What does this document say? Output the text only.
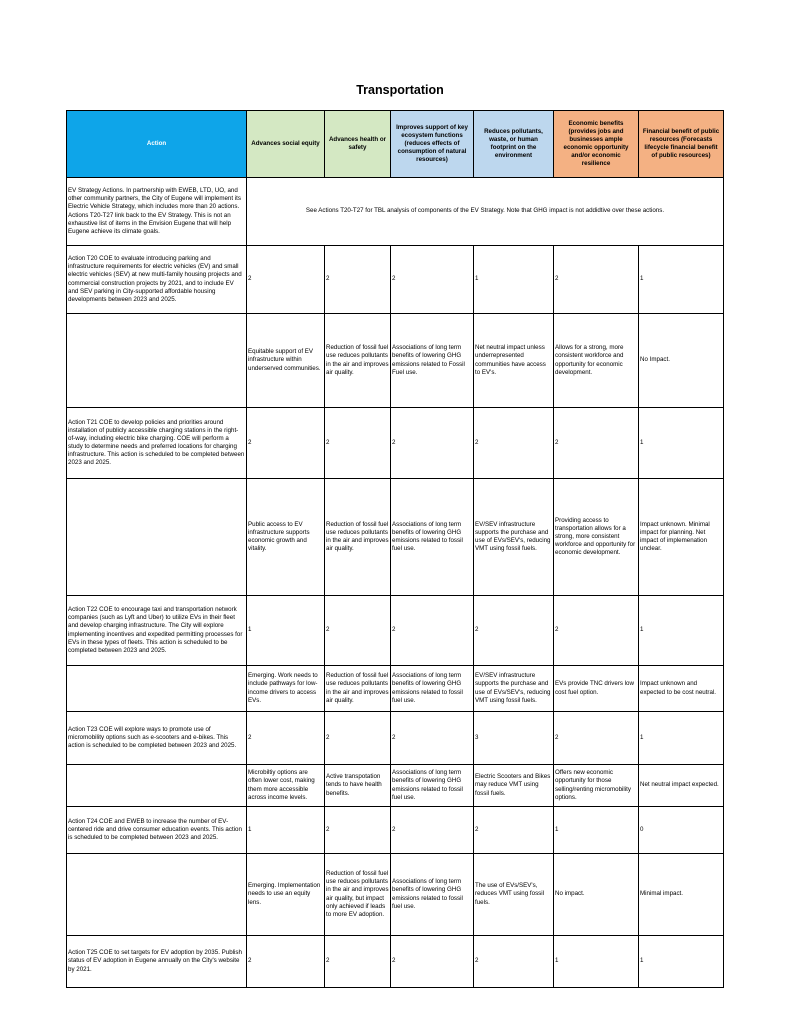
Transportation
Action	Advances social equity	Advances health or safety	Improves support of key ecosystem functions (reduces effects of consumption of natural resources)	Reduces pollutants, waste, or human footprint on the environment	Economic benefits (provides jobs and businesses ample economic opportunity and/or economic resilience	Financial benefit of public resources (Forecasts lifecycle financial benefit of public resources)
EV Strategy Actions. In partnership with EWEB, LTD, UO, and other community partners, the City of Eugene will implement its Electric Vehicle Strategy, which includes more than 20 actions. Actions T20-T27 link back to the EV Strategy. This is not an exhaustive list of items in the Envision Eugene that will help Eugene achieve its climate goals.	See Actions T20-T27 for TBL analysis of components of the EV Strategy. Note that GHG impact is not addidtive over these actions.					
Action T20 COE to evaluate introducing parking and infrastructure requirements for electric vehicles (EV) and small electric vehicles (SEV) at new multi-family housing projects and commercial construction projects by 2021, and to include EV and SEV parking in City-supported affordable housing developments between 2023 and 2025.	2	2	2	1	2	1
	Equitable support of EV infrastructure within underserved communities.	Reduction of fossil fuel use reduces pollutants in the air and improves air quality.	Associations of long term benefits of lowering GHG emissions related to Fossil Fuel use.	Net neutral impact unless underrepresented communities have access to EV's.	Allows for a strong, more consistent workforce and opportunity for economic development.	No Impact.
Action T21 COE to develop policies and priorities around installation of publicly accessible charging stations in the right-of-way, including electric bike charging. COE will perform a study to determine needs and preferred locations for charging infrastructure. This action is scheduled to be completed between 2023 and 2025.	2	2	2	2	2	1
	Public access to EV infrastructure supports economic growth and vitality.	Reduction of fossil fuel use reduces pollutants in the air and improves air quality.	Associations of long term benefits of lowering GHG emissions related to fossil fuel use.	EV/SEV infrastructure supports the purchase and use of EVs/SEV's, reducing VMT using fossil fuels.	Providing access to transportation allows for a strong, more consistent workforce and opportunity for economic development.	Impact unknown. Minimal impact for planning. Net impact of implemenation unclear.
Action T22 COE to encourage taxi and transportation network companies (such as Lyft and Uber) to utilize EVs in their fleet and develop charging infrastructure. The City will explore implementing incentives and expedited permitting processes for EVs in these types of fleets. This action is scheduled to be completed between 2023 and 2025.	1	2	2	2	2	1
	Emerging. Work needs to include pathways for low-income drivers to access EVs.	Reduction of fossil fuel use reduces pollutants in the air and improves air quality.	Associations of long term benefits of lowering GHG emissions related to fossil fuel use.	EV/SEV infrastructure supports the purchase and use of EVs/SEV's, reducing VMT using fossil fuels.	EVs provide TNC drivers low cost fuel option.	Impact unknown and expected to be cost neutral.
Action T23 COE will explore ways to promote use of micromobility options such as e-scooters and e-bikes. This action is scheduled to be completed between 2023 and 2025.	2	2	2	3	2	1
	Microbiltiy options are often lower cost, making them more accessible across income levels.	Active transpotation tends to have health benefits.	Associations of long term benefits of lowering GHG emissions related to fossil fuel use.	Electric Scooters and Bikes may reduce VMT using fossil fuels.	Offers new economic opportunity for those selling/renting micromobility options.	Net neutral impact expected.
Action T24 COE and EWEB to increase the number of EV-centered ride and drive consumer education events. This action is scheduled to be completed between 2023 and 2025.	1	2	2	2	1	0
	Emerging. Implementation needs to use an equity lens.	Reduction of fossil fuel use reduces pollutants in the air and improves air quality, but impact only achieved if leads to more EV adoption.	Associations of long term benefits of lowering GHG emissions related to fossil fuel use.	The use of EVs/SEV's, reduces VMT using fossil fuels.	No impact.	Minimal impact.
Action T25 COE to set targets for EV adoption by 2035. Publish status of EV adoption in Eugene annually on the City's website by 2021.	2	2	2	2	1	1
